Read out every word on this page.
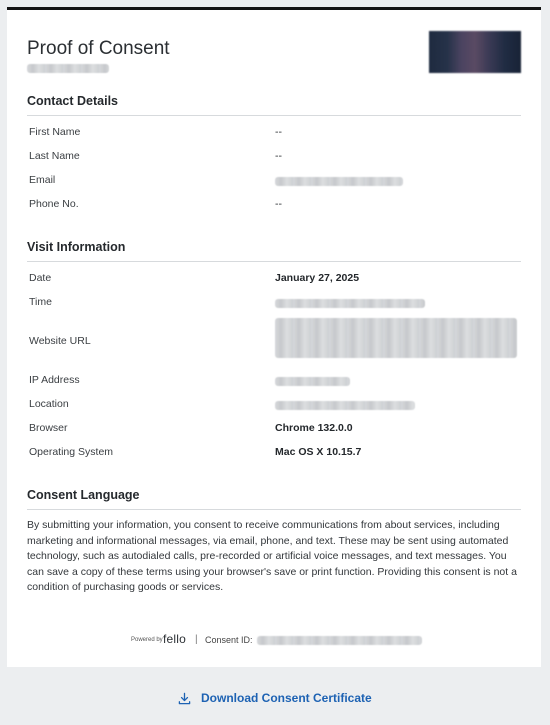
Proof of Consent
Contact Details
First Name	--
Last Name	--
Email
Phone No.	--
Visit Information
Date	January 27, 2025
Time
Website URL
IP Address
Location
Browser	Chrome 132.0.0
Operating System	Mac OS X 10.15.7
Consent Language

By submitting your information, you consent to receive communications from about services, including marketing and informational messages, via email, phone, and text. These may be sent using automated technology, such as autodialed calls, pre-recorded or artificial voice messages, and text messages. You can save a copy of these terms using your browser's save or print function. Providing this consent is not a condition of purchasing goods or services.

Powered by fello | Consent ID:
Download Consent Certificate
